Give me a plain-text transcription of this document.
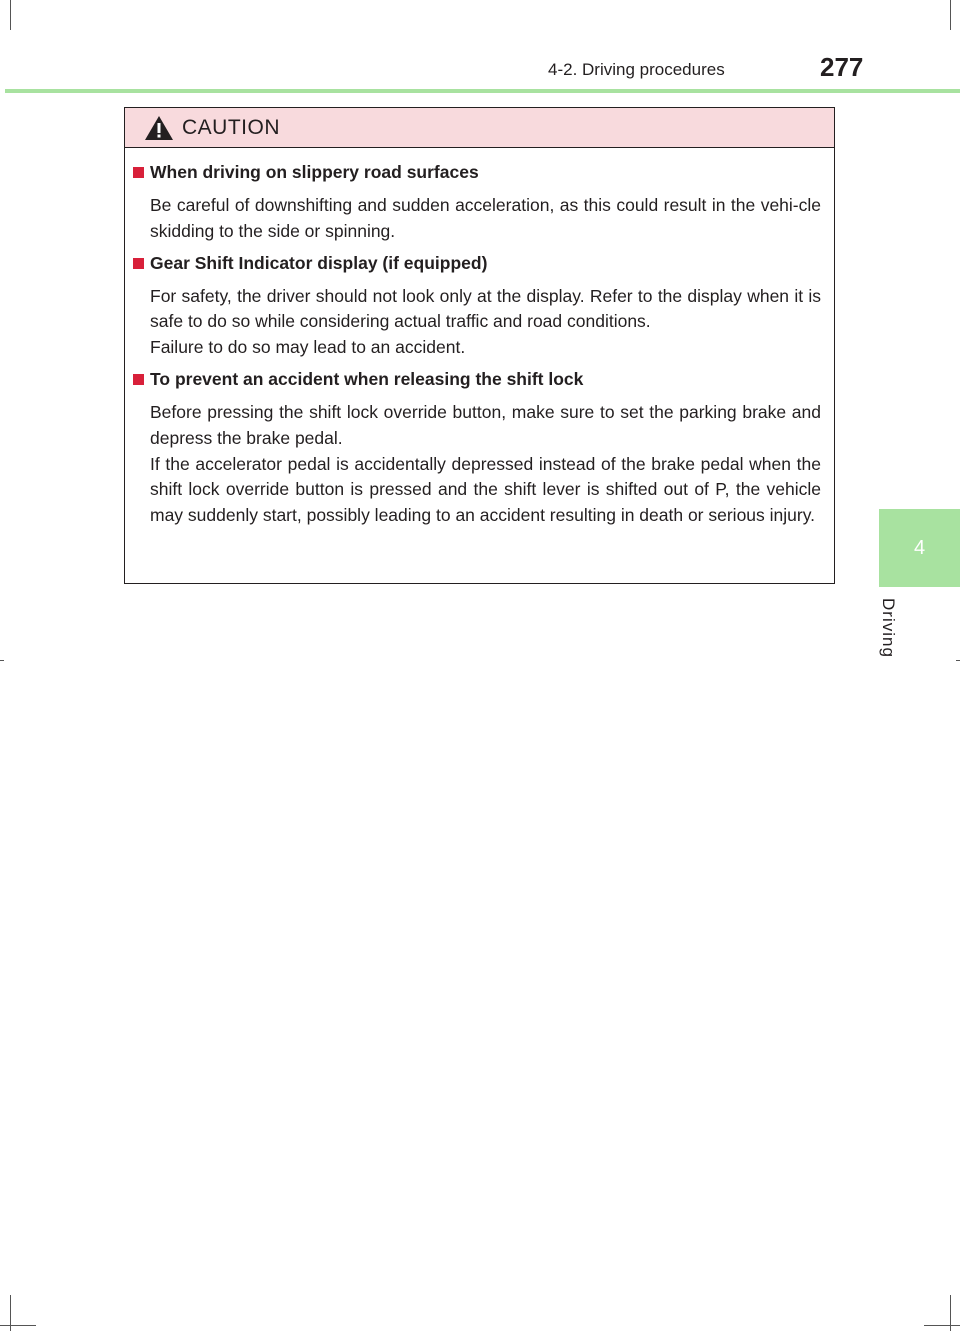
4-2. Driving procedures	277
4
Driving
CAUTION
When driving on slippery road surfaces

Be careful of downshifting and sudden acceleration, as this could result in the vehi-cle skidding to the side or spinning.

Gear Shift Indicator display (if equipped)

For safety, the driver should not look only at the display. Refer to the display when it is safe to do so while considering actual traffic and road conditions.

Failure to do so may lead to an accident.

To prevent an accident when releasing the shift lock

Before pressing the shift lock override button, make sure to set the parking brake and depress the brake pedal.

If the accelerator pedal is accidentally depressed instead of the brake pedal when the shift lock override button is pressed and the shift lever is shifted out of P, the vehicle may suddenly start, possibly leading to an accident resulting in death or serious injury.
